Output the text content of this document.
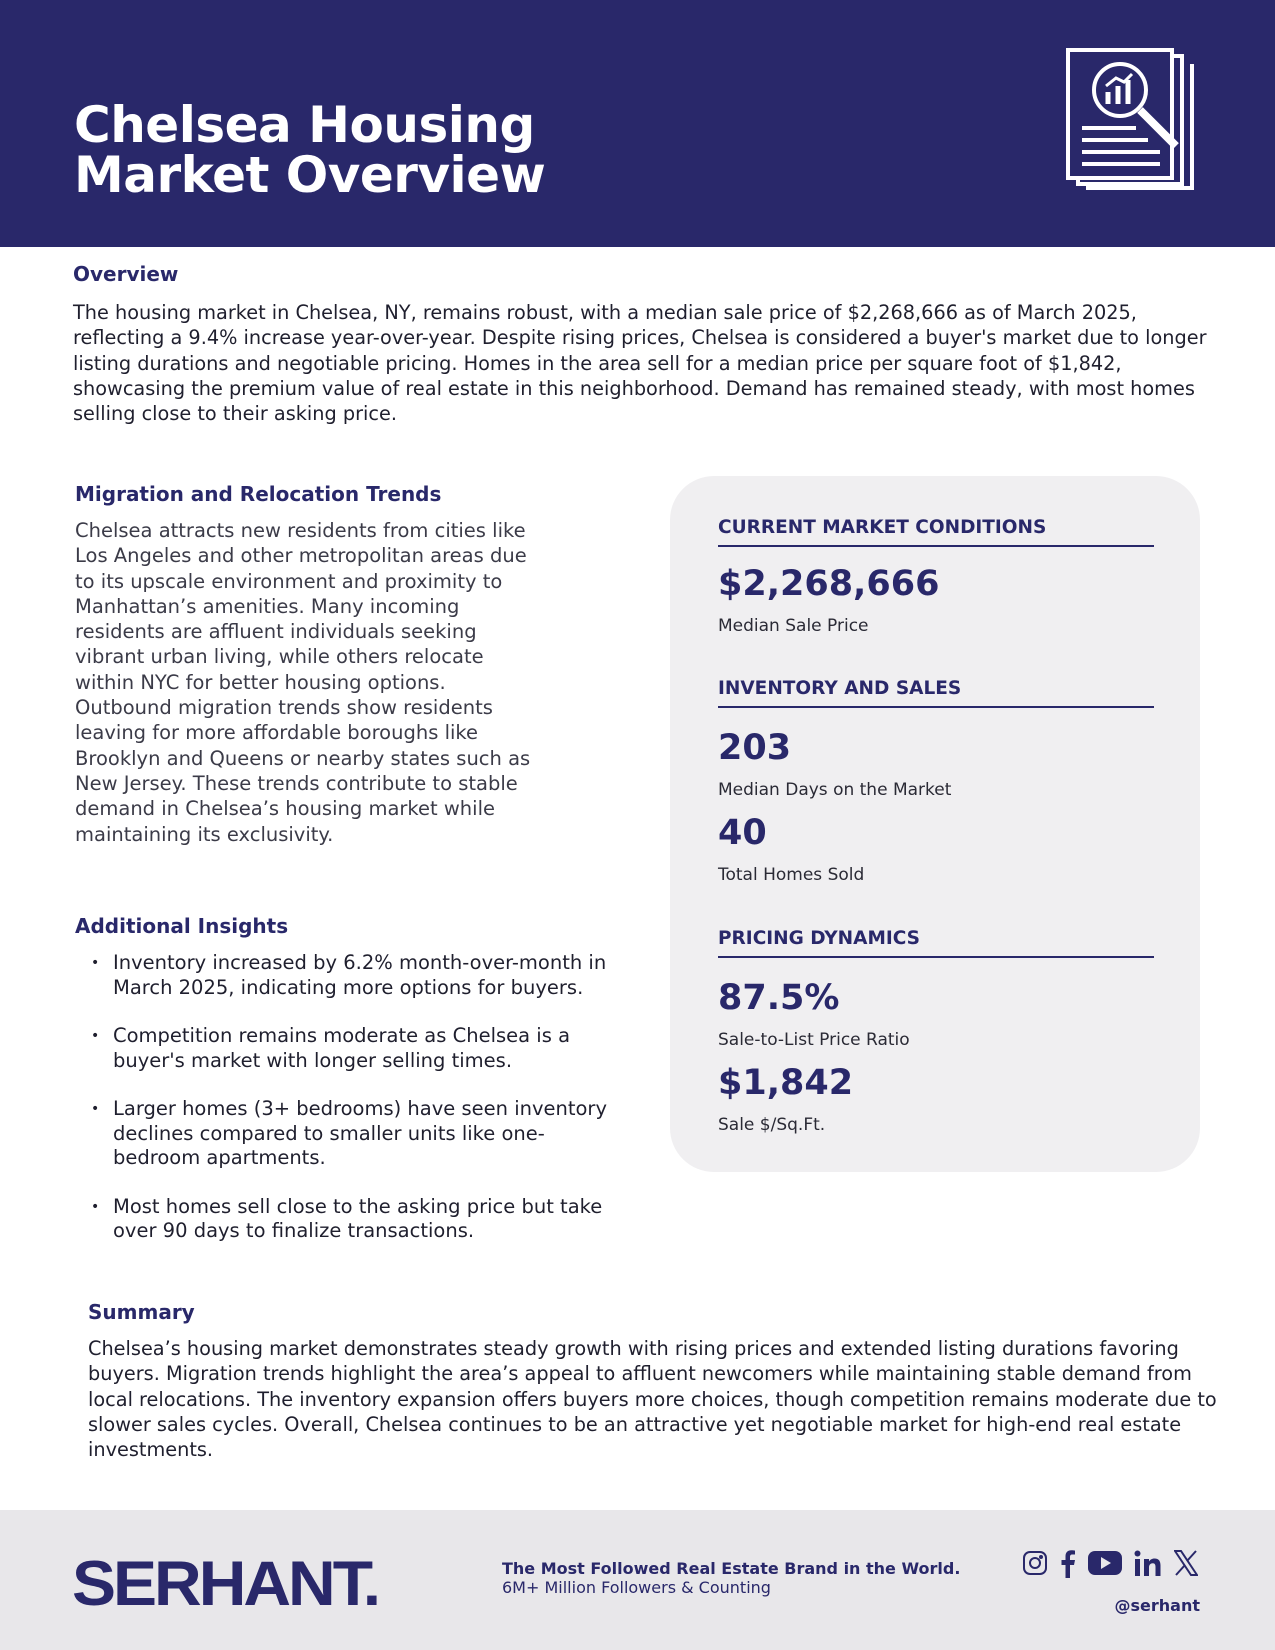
Chelsea Housing
Market Overview
Overview

The housing market in Chelsea, NY, remains robust, with a median sale price of $2,268,666 as of March 2025, reflecting a 9.4% increase year-over-year. Despite rising prices, Chelsea is considered a buyer's market due to longer listing durations and negotiable pricing. Homes in the area sell for a median price per square foot of $1,842, showcasing the premium value of real estate in this neighborhood. Demand has remained steady, with most homes selling close to their asking price.

Migration and Relocation Trends

Chelsea attracts new residents from cities like Los Angeles and other metropolitan areas due to its upscale environment and proximity to Manhattan’s amenities. Many incoming residents are affluent individuals seeking vibrant urban living, while others relocate within NYC for better housing options. Outbound migration trends show residents leaving for more affordable boroughs like Brooklyn and Queens or nearby states such as New Jersey. These trends contribute to stable demand in Chelsea’s housing market while maintaining its exclusivity.

Additional Insights
• Inventory increased by 6.2% month-over-month in March 2025, indicating more options for buyers.
• Competition remains moderate as Chelsea is a buyer's market with longer selling times.
• Larger homes (3+ bedrooms) have seen inventory declines compared to smaller units like one-bedroom apartments.
• Most homes sell close to the asking price but take over 90 days to finalize transactions.
Summary

Chelsea’s housing market demonstrates steady growth with rising prices and extended listing durations favoring buyers. Migration trends highlight the area’s appeal to affluent newcomers while maintaining stable demand from local relocations. The inventory expansion offers buyers more choices, though competition remains moderate due to slower sales cycles. Overall, Chelsea continues to be an attractive yet negotiable market for high-end real estate investments.

CURRENT MARKET CONDITIONS
$2,268,666
Median Sale Price
INVENTORY AND SALES
203
Median Days on the Market
40
Total Homes Sold
PRICING DYNAMICS
87.5%
Sale-to-List Price Ratio
$1,842
Sale $/Sq.Ft.
SERHANT.	The Most Followed Real Estate Brand in the World.
6M+ Million Followers & Counting
@serhant
